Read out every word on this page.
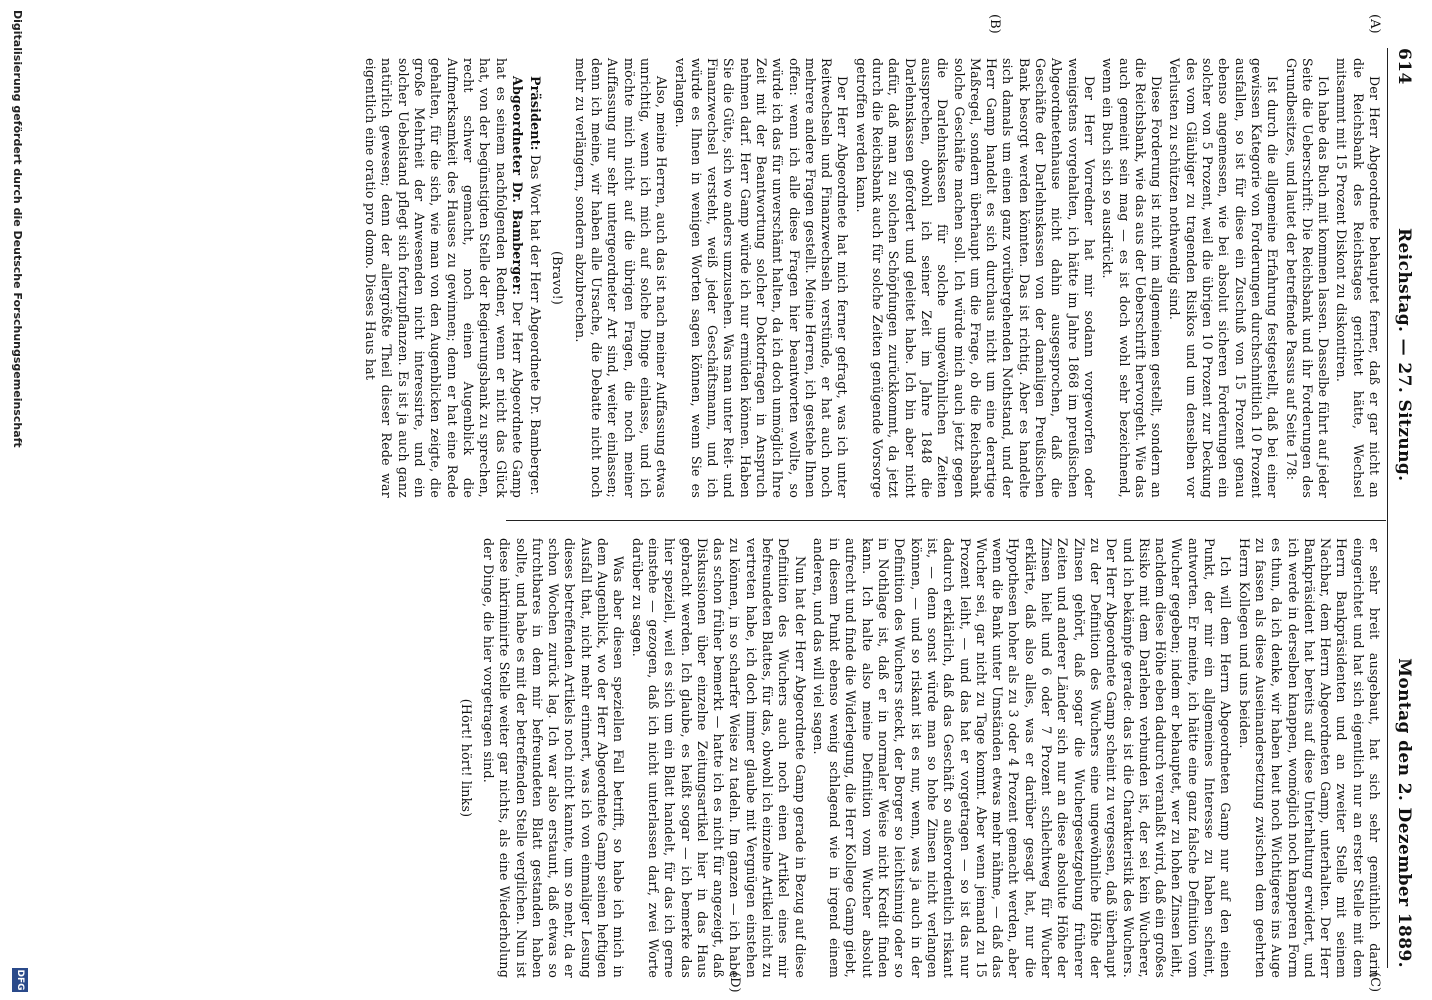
614
Reichstag. — 27. Sitzung.
Montag den 2. Dezember 1889.
(A)
(B)
(C)
(D)

Der Herr Abgeordnete behauptet ferner, daß er gar nicht an die Reichsbank des Reichstages gerichtet hätte, Wechsel mitsammt mit 15 Prozent Diskont zu diskontiren.

Ich habe das Buch mit kommen lassen. Dasselbe führt auf jeder Seite die Ueberschrift: Die Reichsbank und ihr Forderungen des Grundbesitzes, und lautet der betreffende Passus auf Seite 178:

Ist durch die allgemeine Erfahrung festgestellt, daß bei einer gewissen Kategorie von Forderungen durchschnittlich 10 Prozent ausfallen, so ist für diese ein Zuschuß von 15 Prozent genau ebenso angemessen, wie bei absolut sicheren Forderungen ein solcher von 5 Prozent, weil die übrigen 10 Prozent zur Deckung des vom Gläubiger zu tragenden Risikos und um denselben vor Verlusten zu schützen nothwendig sind.

Diese Forderung ist nicht im allgemeinen gestellt, sondern an die Reichsbank, wie das aus der Ueberschrift hervorgeht. Wie das auch gemeint sein mag — es ist doch wohl sehr bezeichnend, wenn ein Buch sich so ausdrückt.

Der Herr Vorredner hat mir sodann vorgeworfen oder wenigstens vorgehalten, ich hätte im Jahre 1868 im preußischen Abgeordnetenhause nicht dahin ausgesprochen, daß die Geschäfte der Darlehnskassen von der damaligen Preußischen Bank besorgt werden könnten. Das ist richtig. Aber es handelte sich damals um einen ganz vorübergehenden Nothstand, und der Herr Gamp handelt es sich durchaus nicht um eine derartige Maßregel, sondern überhaupt um die Frage, ob die Reichsbank solche Geschäfte machen soll. Ich würde mich auch jetzt gegen die Darlehnskassen für solche ungewöhnlichen Zeiten aussprechen, obwohl ich seiner Zeit im Jahre 1848 die Darlehnskassen gefordert und geleitet habe. Ich bin aber nicht dafür, daß man zu solchen Schöpfungen zurückkommt, da jetzt durch die Reichsbank auch für solche Zeiten genügende Vorsorge getroffen werden kann.

Der Herr Abgeordnete hat mich ferner gefragt, was ich unter Reitwechseln und Finanzwechseln verstünde, er hat auch noch mehrere andere Fragen gestellt. Meine Herren, ich gestehe Ihnen offen: wenn ich alle diese Fragen hier beantworten wollte, so würde ich das für unverschämt halten, da ich doch unmöglich Ihre Zeit mit der Beantwortung solcher Doktorfragen in Anspruch nehmen darf. Herr Gamp würde ich nur ermüden können. Haben Sie die Güte, sich wo anders umzusehen. Was man unter Reit- und Finanzwechsel versteht, weiß jeder Geschäftsmann, und ich würde es Ihnen in wenigen Worten sagen können, wenn Sie es verlangen.

Also, meine Herren, auch das ist nach meiner Auffassung etwas unrichtig, wenn ich mich auf solche Dinge einlasse, und ich möchte mich nicht auf die übrigen Fragen, die noch meiner Auffassung nur sehr untergeordneter Art sind, weiter einlassen; denn ich meine, wir haben alle Ursache, die Debatte nicht noch mehr zu verlängern, sondern abzubrechen.

(Bravo!)

Präsident: Das Wort hat der Herr Abgeordnete Dr. Bamberger.

Abgeordneter Dr. Bamberger: Der Herr Abgeordnete Gamp hat es seinem nachfolgenden Redner, wenn er nicht das Glück hat, von der begünstigten Stelle der Regierungsbank zu sprechen, recht schwer gemacht, noch einen Augenblick die Aufmerksamkeit des Hauses zu gewinnen; denn er hat eine Rede gehalten, für die sich, wie man von den Augenblicken zeigte, die große Mehrheit der Anwesenden nicht interessirte, und ein solcher Uebelstand pflegt sich fortzupflanzen. Es ist ja auch ganz natürlich gewesen; denn der allergrößte Theil dieser Rede war eigentlich eine oratio pro domo. Dieses Haus hat

er sehr breit ausgebaut, hat sich sehr gemüthlich darin eingerichtet und hat sich eigentlich nur an erster Stelle mit dem Herrn Bankpräsidenten und an zweiter Stelle mit seinem Nachbar, dem Herrn Abgeordneten Gamp, unterhalten. Der Herr Bankpräsident hat bereits auf diese Unterhaltung erwidert, und ich werde in derselben knappen, womöglich noch knapperen Form es thun, da ich denke, wir haben heut noch Wichtigeres ins Auge zu fassen als diese Auseinandersetzung zwischen dem geehrten Herrn Kollegen und uns beiden.

Ich will dem Herrn Abgeordneten Gamp nur auf den einen Punkt, der mir ein allgemeines Interesse zu haben scheint, antworten. Er meinte, ich hätte eine ganz falsche Definition vom Wucher gegeben; indem er behauptet, wer zu hohen Zinsen leiht, nachdem diese Höhe eben dadurch veranlaßt wird, daß ein großes Risiko mit dem Darlehen verbunden ist, der sei kein Wucherer, und ich bekämpfe gerade: das ist die Charakteristik des Wuchers. Der Herr Abgeordnete Gamp scheint zu vergessen, daß überhaupt zu der Definition des Wuchers eine ungewöhnliche Höhe der Zinsen gehört, daß sogar die Wuchergesetzgebung früherer Zeiten und anderer Länder sich nur an diese absolute Höhe der Zinsen hielt und 6 oder 7 Prozent schlechtweg für Wucher erklärte, daß also alles, was er darüber gesagt hat, nur die Hypothesen hoher als zu 3 oder 4 Prozent gemacht werden, aber wenn die Bank unter Umständen etwas mehr nähme, — daß das Wucher sei, gar nicht zu Tage kommt. Aber wenn jemand zu 15 Prozent leiht, — und das hat er vorgetragen — so ist das nur dadurch erklärlich, daß das Geschäft so außerordentlich riskant ist, — denn sonst würde man so hohe Zinsen nicht verlangen können, — und so riskant ist es nur, wenn, was ja auch in der Definition des Wuchers steckt, der Borger so leichtsinnig oder so in Nothlage ist, daß er in normaler Weise nicht Kredit finden kann. Ich halte also meine Definition vom Wucher absolut aufrecht und finde die Widerlegung, die Herr Kollege Gamp giebt, in diesem Punkt ebenso wenig schlagend wie in irgend einem anderen, und das will viel sagen.

Nun hat der Herr Abgeordnete Gamp gerade in Bezug auf diese Definition des Wuchers auch noch einen Artikel eines mir befreundeten Blattes, für das, obwohl ich einzelne Artikel nicht zu vertreten habe, ich doch immer glaube mit Vergnügen einstehen zu können, in so scharfer Weise zu tadeln. Im ganzen — ich habe das schon früher bemerkt — hatte ich es nicht für angezeigt, daß Diskussionen über einzelne Zeitungsartikel hier in das Haus gebracht werden. Ich glaube, es heißt sogar — ich bemerke das hier speziell, weil es sich um ein Blatt handelt, für das ich gerne einstehe — gezogen, daß ich nicht unterlassen darf, zwei Worte darüber zu sagen.

Was aber diesen speziellen Fall betrifft, so habe ich mich in dem Augenblick, wo der Herr Abgeordnete Gamp seinen heftigen Ausfall that, nicht mehr erinnert, was ich von einmaliger Lesung dieses betreffenden Artikels noch nicht kannte, um so mehr, da er schon Wochen zurück lag. Ich war also erstaunt, daß etwas so furchtbares in dem mir befreundeten Blatt gestanden haben sollte, und habe es mit der betreffenden Stelle verglichen. Nun ist diese inkriminirte Stelle weiter gar nichts, als eine Wiederholung der Dinge, die hier vorgetragen sind.

(Hört! hört! links)
Digitalisierung gefördert durch die Deutsche Forschungsgemeinschaft
DFG
